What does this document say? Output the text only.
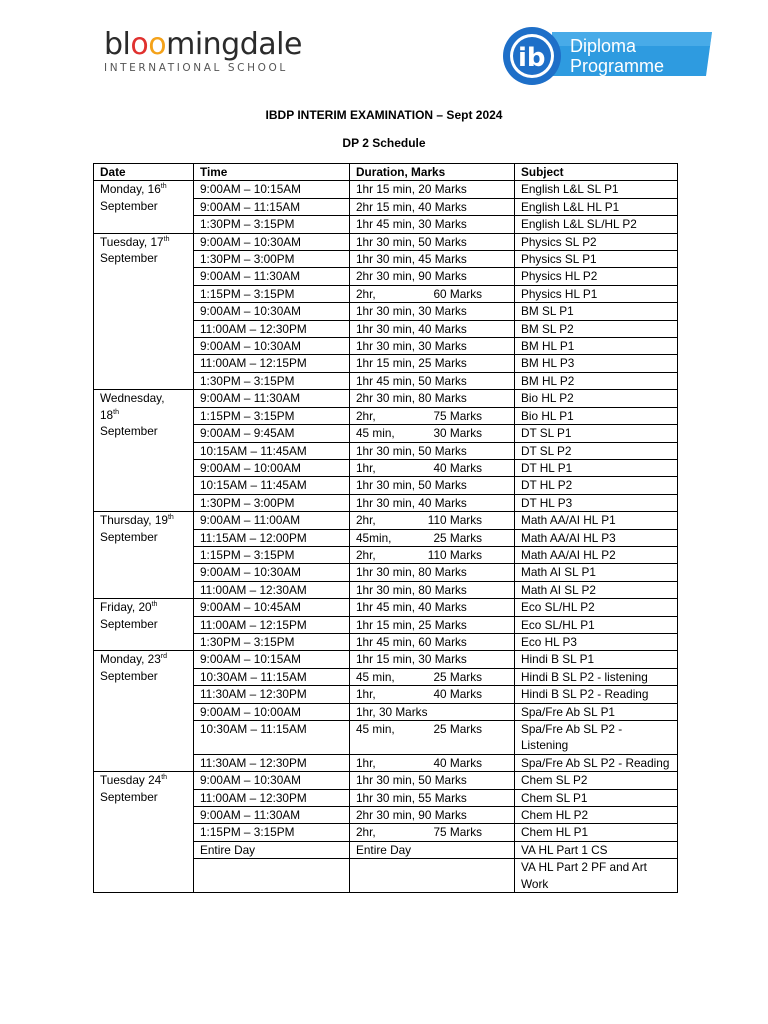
bloomingdale
INTERNATIONAL SCHOOL	ib Diploma
Programme
IBDP INTERIM EXAMINATION – Sept 2024
DP 2 Schedule
Date	Time	Duration, Marks	Subject
Monday, 16th
September	9:00AM – 10:15AM	1hr 15 min, 20 Marks	English L&L SL P1
	9:00AM – 11:15AM	2hr 15 min, 40 Marks	English L&L HL P1
	1:30PM – 3:15PM	1hr 45 min, 30 Marks	English L&L SL/HL P2
Tuesday, 17th
September	9:00AM – 10:30AM	1hr 30 min, 50 Marks	Physics SL P2
	1:30PM – 3:00PM	1hr 30 min, 45 Marks	Physics SL P1
	9:00AM – 11:30AM	2hr 30 min, 90 Marks	Physics HL P2
	1:15PM – 3:15PM	2hr, 60 Marks	Physics HL P1
	9:00AM – 10:30AM	1hr 30 min, 30 Marks	BM SL P1
	11:00AM – 12:30PM	1hr 30 min, 40 Marks	BM SL P2
	9:00AM – 10:30AM	1hr 30 min, 30 Marks	BM HL P1
	11:00AM – 12:15PM	1hr 15 min, 25 Marks	BM HL P3
	1:30PM – 3:15PM	1hr 45 min, 50 Marks	BM HL P2

Wednesday,
18th
September	9:00AM – 11:30AM	2hr 30 min, 80 Marks	Bio HL P2
	1:15PM – 3:15PM	2hr, 75 Marks	Bio HL P1
	9:00AM – 9:45AM	45 min, 30 Marks	DT SL P1
	10:15AM – 11:45AM	1hr 30 min, 50 Marks	DT SL P2
	9:00AM – 10:00AM	1hr, 40 Marks	DT HL P1
	10:15AM – 11:45AM	1hr 30 min, 50 Marks	DT HL P2
	1:30PM – 3:00PM	1hr 30 min, 40 Marks	DT HL P3
Thursday, 19th
September	9:00AM – 11:00AM	2hr, 110 Marks	Math AA/AI HL P1
	11:15AM – 12:00PM	45min, 25 Marks	Math AA/AI HL P3
	1:15PM – 3:15PM	2hr, 110 Marks	Math AA/AI HL P2
	9:00AM – 10:30AM	1hr 30 min, 80 Marks	Math AI SL P1
	11:00AM – 12:30AM	1hr 30 min, 80 Marks	Math AI SL P2
Friday, 20th
September	9:00AM – 10:45AM	1hr 45 min, 40 Marks	Eco SL/HL P2
	11:00AM – 12:15PM	1hr 15 min, 25 Marks	Eco SL/HL P1
	1:30PM – 3:15PM	1hr 45 min, 60 Marks	Eco HL P3
Monday, 23rd
September	9:00AM – 10:15AM	1hr 15 min, 30 Marks	Hindi B SL P1
	10:30AM – 11:15AM	45 min, 25 Marks	Hindi B SL P2 - listening
	11:30AM – 12:30PM	1hr, 40 Marks	Hindi B SL P2 - Reading
	9:00AM – 10:00AM	1hr, 30 Marks	Spa/Fre Ab SL P1
	10:30AM – 11:15AM	45 min, 25 Marks	Spa/Fre Ab SL P2 - Listening
	11:30AM – 12:30PM	1hr, 40 Marks	Spa/Fre Ab SL P2 - Reading
Tuesday 24th
September	9:00AM – 10:30AM	1hr 30 min, 50 Marks	Chem SL P2
	11:00AM – 12:30PM	1hr 30 min, 55 Marks	Chem SL P1
	9:00AM – 11:30AM	2hr 30 min, 90 Marks	Chem HL P2
	1:15PM – 3:15PM	2hr, 75 Marks	Chem HL P1
	Entire Day	Entire Day	VA HL Part 1 CS
			VA HL Part 2 PF and Art Work
